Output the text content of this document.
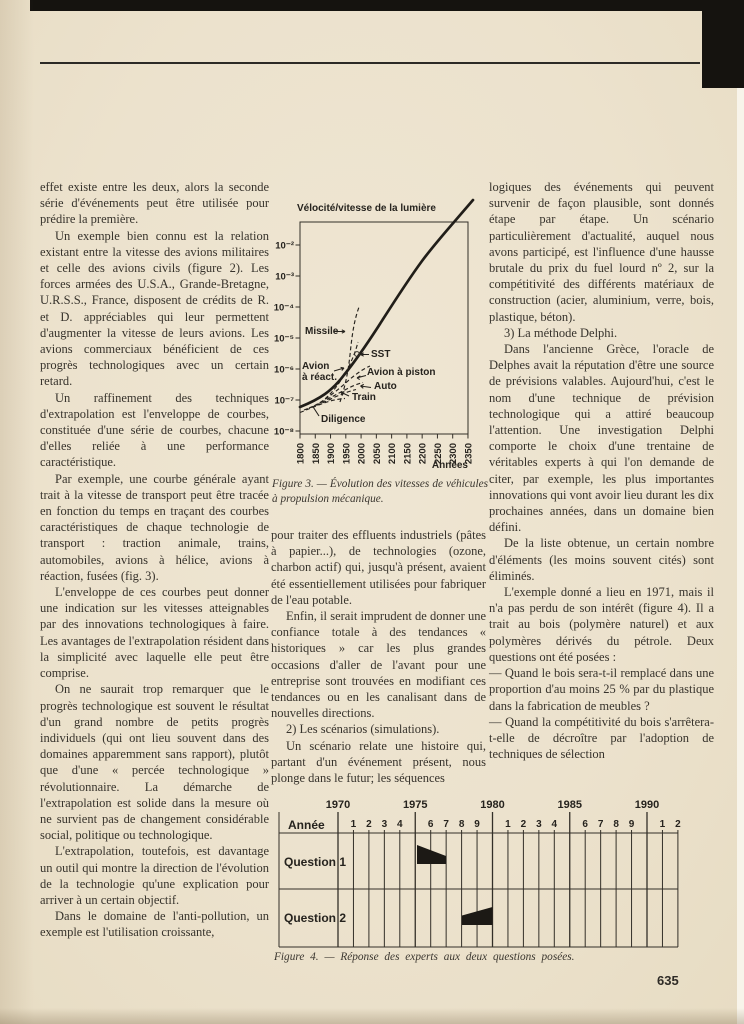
effet existe entre les deux, alors la seconde série d'événements peut être utilisée pour prédire la première.

Un exemple bien connu est la relation existant entre la vitesse des avions militaires et celle des avions civils (figure 2). Les forces armées des U.S.A., Grande-Bretagne, U.R.S.S., France, disposent de crédits de R. et D. appréciables qui leur permettent d'augmenter la vitesse de leurs avions. Les avions commerciaux bénéficient de ces progrès technologiques avec un certain retard.

Un raffinement des techniques d'extrapolation est l'enveloppe de courbes, constituée d'une série de courbes, chacune d'elles reliée à une performance caractéristique.

Par exemple, une courbe générale ayant trait à la vitesse de transport peut être tracée en fonction du temps en traçant des courbes caractéristiques de chaque technologie de transport : traction animale, trains, automobiles, avions à hélice, avions à réaction, fusées (fig. 3).

L'enveloppe de ces courbes peut donner une indication sur les vitesses atteignables par des innovations technologiques à faire. Les avantages de l'extrapolation résident dans la simplicité avec laquelle elle peut être comprise.

On ne saurait trop remarquer que le progrès technologique est souvent le résultat d'un grand nombre de petits progrès individuels (qui ont lieu souvent dans des domaines apparemment sans rapport), plutôt que d'une « percée technologique » révolutionnaire. La démarche de l'extrapolation est solide dans la mesure où ne survient pas de changement considérable social, politique ou technologique.

L'extrapolation, toutefois, est davantage un outil qui montre la direction de l'évolution de la technologie qu'une explication pour arriver à un certain objectif.

Dans le domaine de l'anti-pollution, un exemple est l'utilisation croissante,

Vélocité/vitesse de la lumière
10⁻²
10⁻³
10⁻⁴
10⁻⁵
10⁻⁶
10⁻⁷
10⁻⁸
1800 1850 1900 1950 2000 2050 2100 2150 2200 2250 2300 2350
Années
Missile
SST
Avion
à réact.	Avion à piston
Auto
Train
Diligence
Figure 3. — Évolution des vitesses de véhicules à propulsion mécanique.

pour traiter des effluents industriels (pâtes à papier...), de technologies (ozone, charbon actif) qui, jusqu'à présent, avaient été essentiellement utilisées pour fabriquer de l'eau potable.

Enfin, il serait imprudent de donner une confiance totale à des tendances « historiques » car les plus grandes occasions d'aller de l'avant pour une entreprise sont trouvées en modifiant ces tendances ou en les canalisant dans de nouvelles directions.

2) Les scénarios (simulations).

Un scénario relate une histoire qui, partant d'un événement présent, nous plonge dans le futur; les séquences

logiques des événements qui peuvent survenir de façon plausible, sont donnés étape par étape. Un scénario particulièrement d'actualité, auquel nous avons participé, est l'influence d'une hausse brutale du prix du fuel lourd nº 2, sur la compétitivité des différents matériaux de construction (acier, aluminium, verre, bois, plastique, béton).

3) La méthode Delphi.

Dans l'ancienne Grèce, l'oracle de Delphes avait la réputation d'être une source de prévisions valables. Aujourd'hui, c'est le nom d'une technique de prévision technologique qui a attiré beaucoup l'attention. Une investigation Delphi comporte le choix d'une trentaine de véritables experts à qui l'on demande de citer, par exemple, les plus importantes innovations qui vont avoir lieu durant les dix prochaines années, dans un domaine bien défini.

De la liste obtenue, un certain nombre d'éléments (les moins souvent cités) sont éliminés.

L'exemple donné a lieu en 1971, mais il n'a pas perdu de son intérêt (figure 4). Il a trait au bois (polymère naturel) et aux polymères dérivés du pétrole. Deux questions ont été posées :

— Quand le bois sera-t-il remplacé dans une proportion d'au moins 25 % par du plastique dans la fabrication de meubles ?

— Quand la compétitivité du bois s'arrêtera-t-elle de décroître par l'adoption de techniques de sélection

1970	1975	1980	1985	1990
1 2 3 4	6 7 8 9	1 2 3 4	6 7 8 9	1 2
Année
Question 1
Question 2
Figure 4. — Réponse des experts aux deux questions posées.
635
